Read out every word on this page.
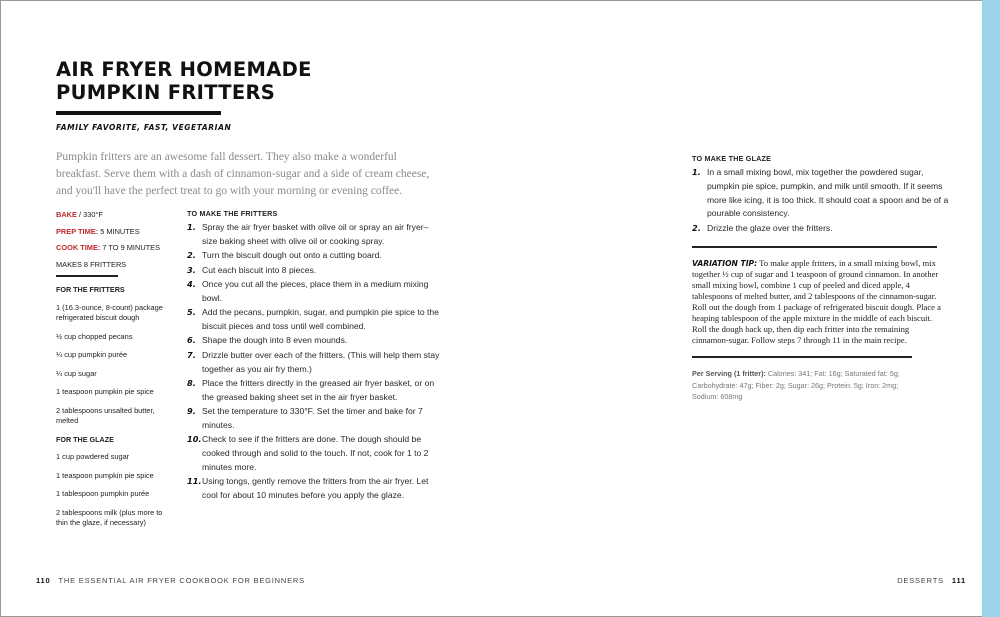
AIR FRYER HOMEMADE
PUMPKIN FRITTERS
FAMILY FAVORITE, FAST, VEGETARIAN

Pumpkin fritters are an awesome fall dessert. They also make a wonderful breakfast. Serve them with a dash of cinnamon-sugar and a side of cream cheese, and you'll have the perfect treat to go with your morning or evening coffee.

BAKE / 330°F
PREP TIME: 5 MINUTES
COOK TIME: 7 TO 9 MINUTES
MAKES 8 FRITTERS
FOR THE FRITTERS
1 (16.3-ounce, 8-count) package refrigerated biscuit dough
½ cup chopped pecans
¼ cup pumpkin purée
¼ cup sugar
1 teaspoon pumpkin pie spice
2 tablespoons unsalted butter, melted
FOR THE GLAZE
1 cup powdered sugar
1 teaspoon pumpkin pie spice
1 tablespoon pumpkin purée
2 tablespoons milk (plus more to thin the glaze, if necessary)
TO MAKE THE FRITTERS
1. Spray the air fryer basket with olive oil or spray an air fryer–size baking sheet with olive oil or cooking spray.
2. Turn the biscuit dough out onto a cutting board.
3. Cut each biscuit into 8 pieces.
4. Once you cut all the pieces, place them in a medium mixing bowl.
5. Add the pecans, pumpkin, sugar, and pumpkin pie spice to the biscuit pieces and toss until well combined.
6. Shape the dough into 8 even mounds.
7. Drizzle butter over each of the fritters. (This will help them stay together as you air fry them.)
8. Place the fritters directly in the greased air fryer basket, or on the greased baking sheet set in the air fryer basket.
9. Set the temperature to 330°F. Set the timer and bake for 7 minutes.
10. Check to see if the fritters are done. The dough should be cooked through and solid to the touch. If not, cook for 1 to 2 minutes more.
11. Using tongs, gently remove the fritters from the air fryer. Let cool for about 10 minutes before you apply the glaze.
TO MAKE THE GLAZE
1. In a small mixing bowl, mix together the powdered sugar, pumpkin pie spice, pumpkin, and milk until smooth. If it seems more like icing, it is too thick. It should coat a spoon and be of a pourable consistency.
2. Drizzle the glaze over the fritters.

VARIATION TIP: To make apple fritters, in a small mixing bowl, mix together ½ cup of sugar and 1 teaspoon of ground cinnamon. In another small mixing bowl, combine 1 cup of peeled and diced apple, 4 tablespoons of melted butter, and 2 tablespoons of the cinnamon-sugar. Roll out the dough from 1 package of refrigerated biscuit dough. Place a heaping tablespoon of the apple mixture in the middle of each biscuit. Roll the dough back up, then dip each fritter into the remaining cinnamon-sugar. Follow steps 7 through 11 in the main recipe.

Per Serving (1 fritter): Calories: 341; Fat: 16g; Saturated fat: 5g; Carbohydrate: 47g; Fiber: 2g; Sugar: 26g; Protein: 5g; Iron: 2mg; Sodium: 608mg

110 THE ESSENTIAL AIR FRYER COOKBOOK FOR BEGINNERS	DESSERTS 111
